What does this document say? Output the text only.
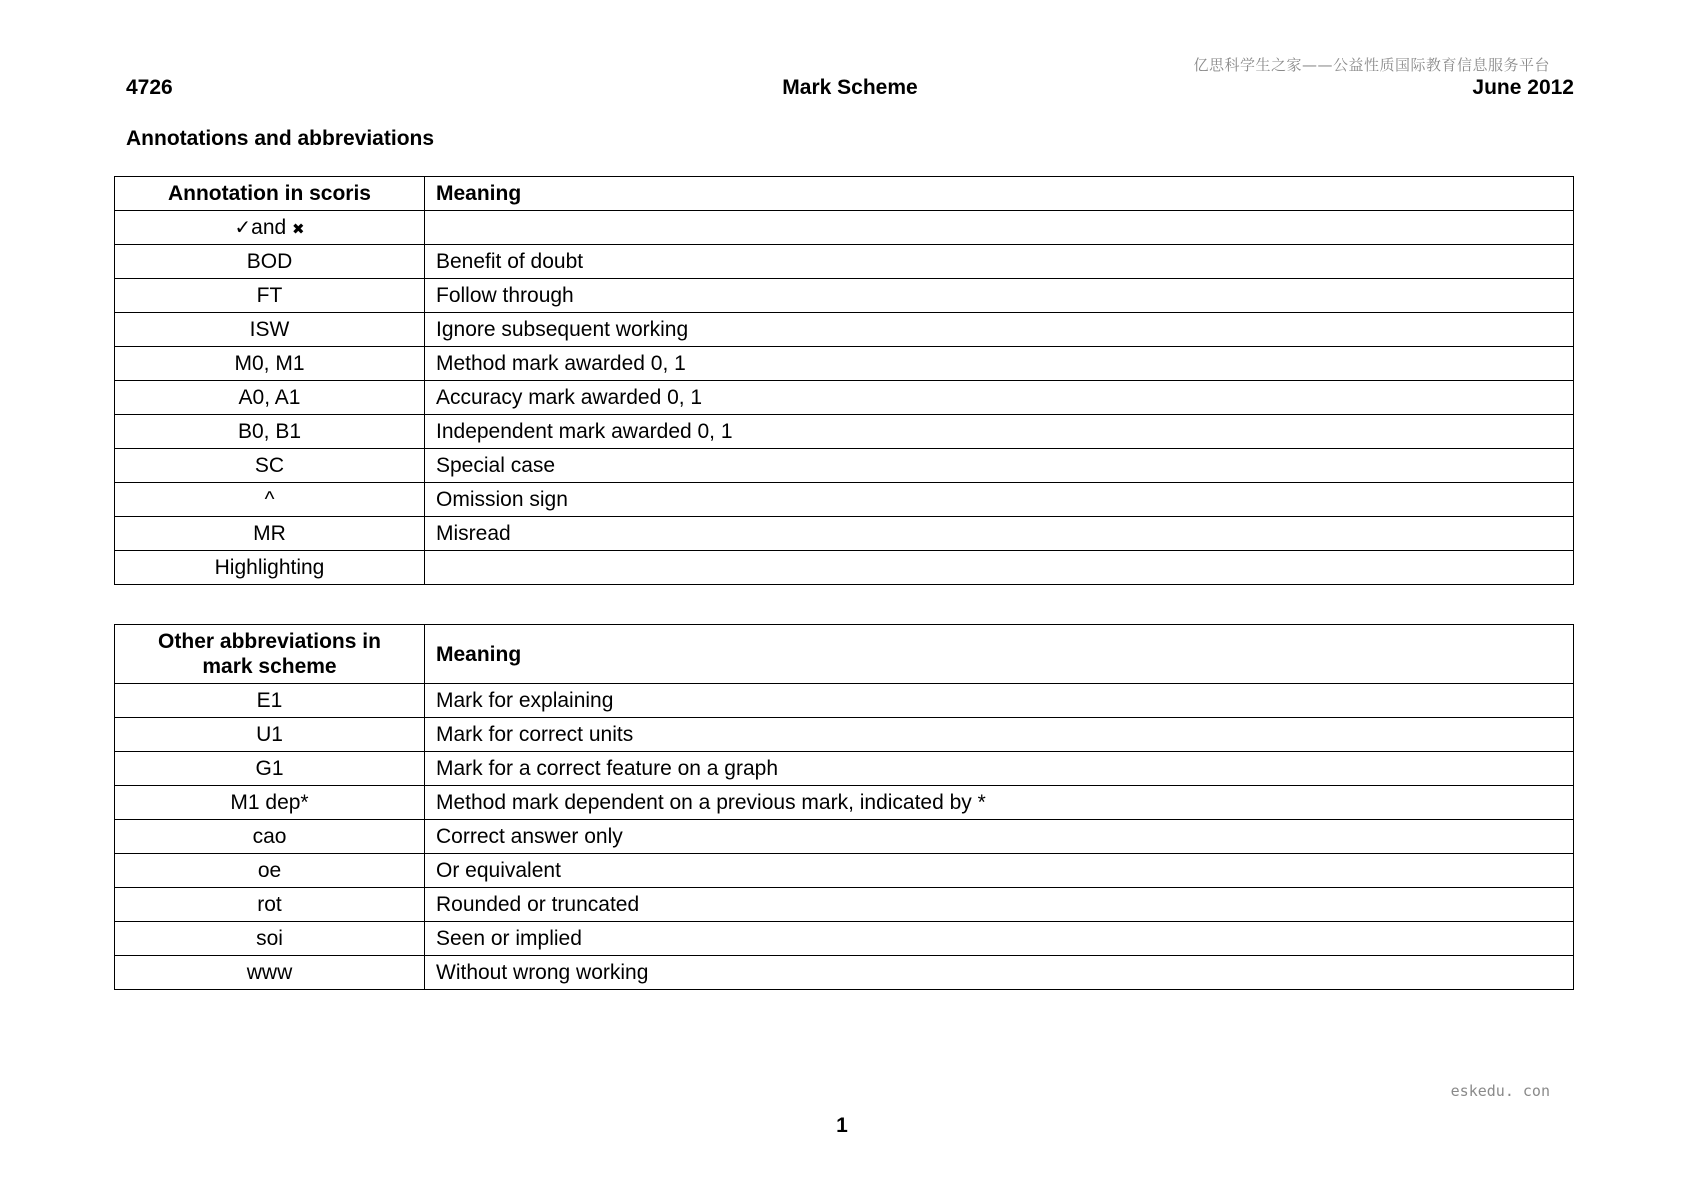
亿思科学生之家——公益性质国际教育信息服务平台
Mark Scheme
4726	June 2012
Annotations and abbreviations
Annotation in scoris	Meaning
✓and ✖	
BOD	Benefit of doubt
FT	Follow through
ISW	Ignore subsequent working
M0, M1	Method mark awarded 0, 1
A0, A1	Accuracy mark awarded 0, 1
B0, B1	Independent mark awarded 0, 1
SC	Special case
^	Omission sign
MR	Misread
Highlighting	
Other abbreviations in
mark scheme	Meaning
E1	Mark for explaining
U1	Mark for correct units
G1	Mark for a correct feature on a graph
M1 dep*	Method mark dependent on a previous mark, indicated by *
cao	Correct answer only
oe	Or equivalent
rot	Rounded or truncated
soi	Seen or implied
www	Without wrong working
eskedu. con
1
